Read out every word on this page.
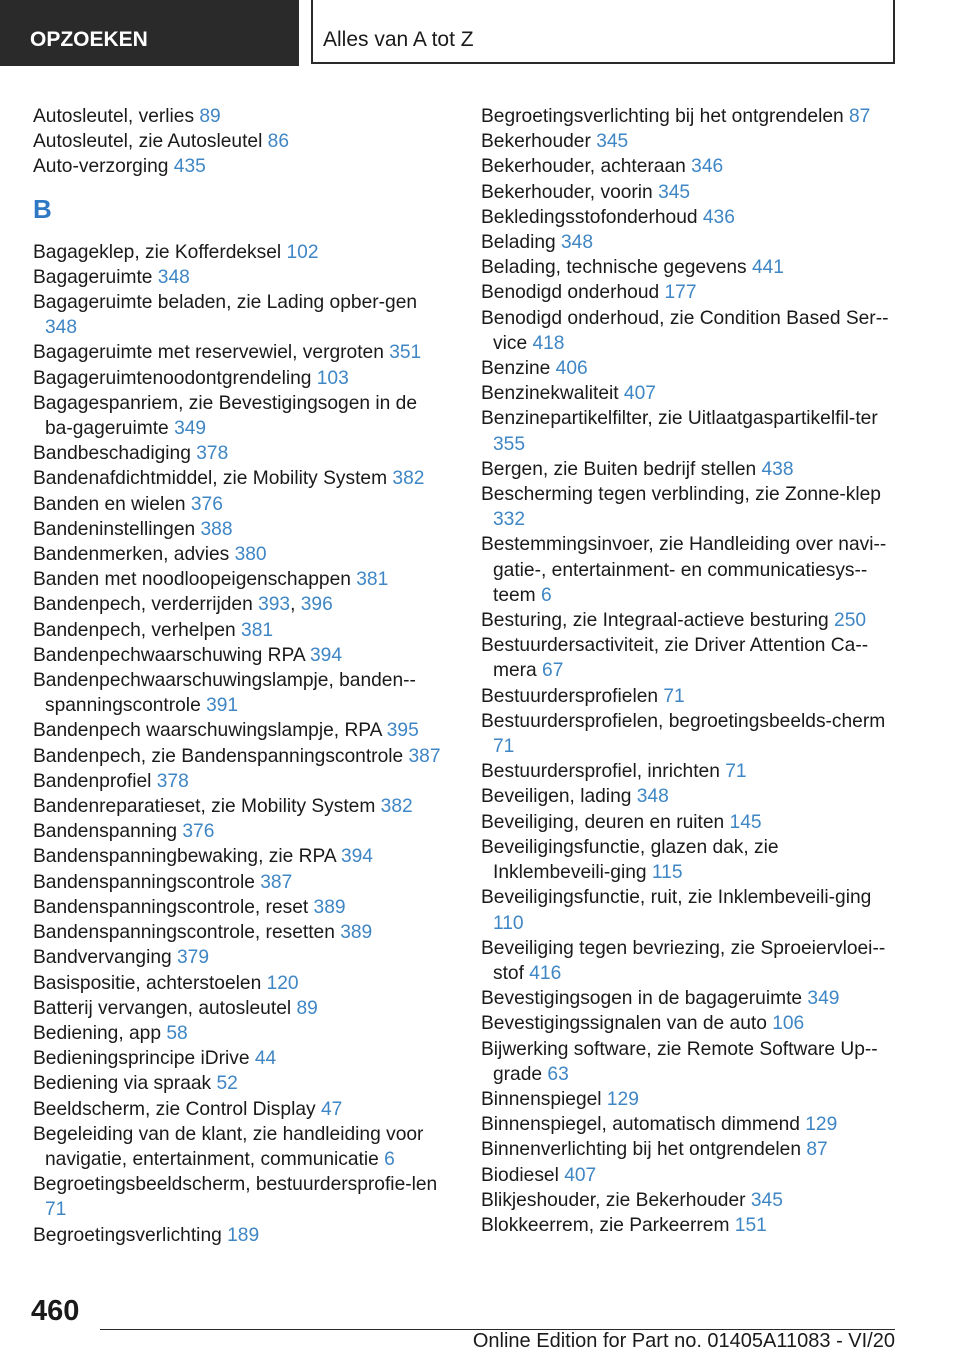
OPZOEKEN	Alles van A tot Z
Autosleutel, verlies 89
Autosleutel, zie Autosleutel 86
Auto-verzorging 435
B
Bagageklep, zie Kofferdeksel 102
Bagageruimte 348
Bagageruimte beladen, zie Lading opber-gen 348
Bagageruimte met reservewiel, vergroten 351
Bagageruimtenoodontgrendeling 103
Bagagespanriem, zie Bevestigingsogen in de ba-gageruimte 349
Bandbeschadiging 378
Bandenafdichtmiddel, zie Mobility System 382
Banden en wielen 376
Bandeninstellingen 388
Bandenmerken, advies 380
Banden met noodloopeigenschappen 381
Bandenpech, verderrijden 393, 396
Bandenpech, verhelpen 381
Bandenpechwaarschuwing RPA 394
Bandenpechwaarschuwingslampje, banden-spanningscontrole 391
Bandenpech waarschuwingslampje, RPA 395
Bandenpech, zie Bandenspanningscontrole 387
Bandenprofiel 378
Bandenreparatieset, zie Mobility System 382
Bandenspanning 376
Bandenspanningbewaking, zie RPA 394
Bandenspanningscontrole 387
Bandenspanningscontrole, reset 389
Bandenspanningscontrole, resetten 389
Bandvervanging 379
Basispositie, achterstoelen 120
Batterij vervangen, autosleutel 89
Bediening, app 58
Bedieningsprincipe iDrive 44
Bediening via spraak 52
Beeldscherm, zie Control Display 47
Begeleiding van de klant, zie handleiding voor navigatie, entertainment, communicatie 6
Begroetingsbeeldscherm, bestuurdersprofie-len 71
Begroetingsverlichting 189
Begroetingsverlichting bij het ontgrendelen 87
Bekerhouder 345
Bekerhouder, achteraan 346
Bekerhouder, voorin 345
Bekledingsstofonderhoud 436
Belading 348
Belading, technische gegevens 441
Benodigd onderhoud 177
Benodigd onderhoud, zie Condition Based Ser-vice 418
Benzine 406
Benzinekwaliteit 407
Benzinepartikelfilter, zie Uitlaatgaspartikelfil-ter 355
Bergen, zie Buiten bedrijf stellen 438
Bescherming tegen verblinding, zie Zonne-klep 332
Bestemmingsinvoer, zie Handleiding over navi-gatie-, entertainment- en communicatiesys-teem 6
Besturing, zie Integraal-actieve besturing 250
Bestuurdersactiviteit, zie Driver Attention Ca-mera 67
Bestuurdersprofielen 71
Bestuurdersprofielen, begroetingsbeelds-cherm 71
Bestuurdersprofiel, inrichten 71
Beveiligen, lading 348
Beveiliging, deuren en ruiten 145
Beveiligingsfunctie, glazen dak, zie Inklembeveili-ging 115
Beveiligingsfunctie, ruit, zie Inklembeveili-ging 110
Beveiliging tegen bevriezing, zie Sproeiervloei-stof 416
Bevestigingsogen in de bagageruimte 349
Bevestigingssignalen van de auto 106
Bijwerking software, zie Remote Software Up-grade 63
Binnenspiegel 129
Binnenspiegel, automatisch dimmend 129
Binnenverlichting bij het ontgrendelen 87
Biodiesel 407
Blikjeshouder, zie Bekerhouder 345
Blokkeerrem, zie Parkeerrem 151
460
Online Edition for Part no. 01405A11083 - VI/20
